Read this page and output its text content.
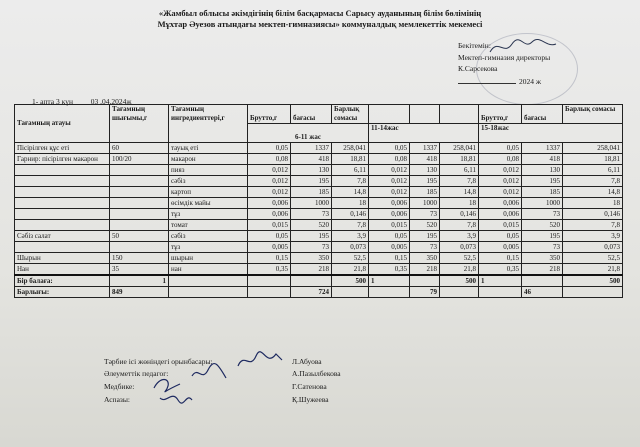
«Жамбыл облысы әкімдігінің білім басқармасы Сарысу ауданының білім бөлімінің
Мұхтар Әуезов атындағы мектеп-гимназиясы» коммуналдық мемлекеттік мекемесі
Бекітемін:
Мектеп-гимназия директоры
К.Сарсекова
2024 ж
1- апта 3 күн 03 .04.2024ж
Тағамның атауы	Тағамның шығымы,г	Тағамның ингредиенттері,г	Брутто,г	бағасы	Барлық сомасы				Брутто,г	бағасы	Барлық сомасы
			6-11 жас			11-14жас			15-18жас		
Пісірілген құс еті	60	тауық еті	0,05	1337	258,041	0,05	1337	258,041	0,05	1337	258,041
Гарнир: пісірілген макарон	100/20	макарон	0,08	418	18,81	0,08	418	18,81	0,08	418	18,81
		пияз	0,012	130	6,11	0,012	130	6,11	0,012	130	6,11
		сәбіз	0,012	195	7,8	0,012	195	7,8	0,012	195	7,8
		картоп	0,012	185	14,8	0,012	185	14,8	0,012	185	14,8
		өсімдік майы	0,006	1000	18	0,006	1000	18	0,006	1000	18
		тұз	0,006	73	0,146	0,006	73	0,146	0,006	73	0,146
		томат	0,015	520	7,8	0,015	520	7,8	0,015	520	7,8
Сәбіз салат	50	сәбіз	0,05	195	3,9	0,05	195	3,9	0,05	195	3,9
		тұз	0,005	73	0,073	0,005	73	0,073	0,005	73	0,073
Шырын	150	шырын	0,15	350	52,5	0,15	350	52,5	0,15	350	52,5
Нан	35	нан	0,35	218	21,8	0,35	218	21,8	0,35	218	21,8
Бір балаға:	1				500	1		500	1		500
Барлығы:	849			724			79			46	
Тәрбие ісі жөніндегі орынбасары:	Л.Абуова
Әлеуметтік педагог:	А.Пазылбекова
Медбике:	Г.Сатенова
Аспазы:	Қ.Шужеева
